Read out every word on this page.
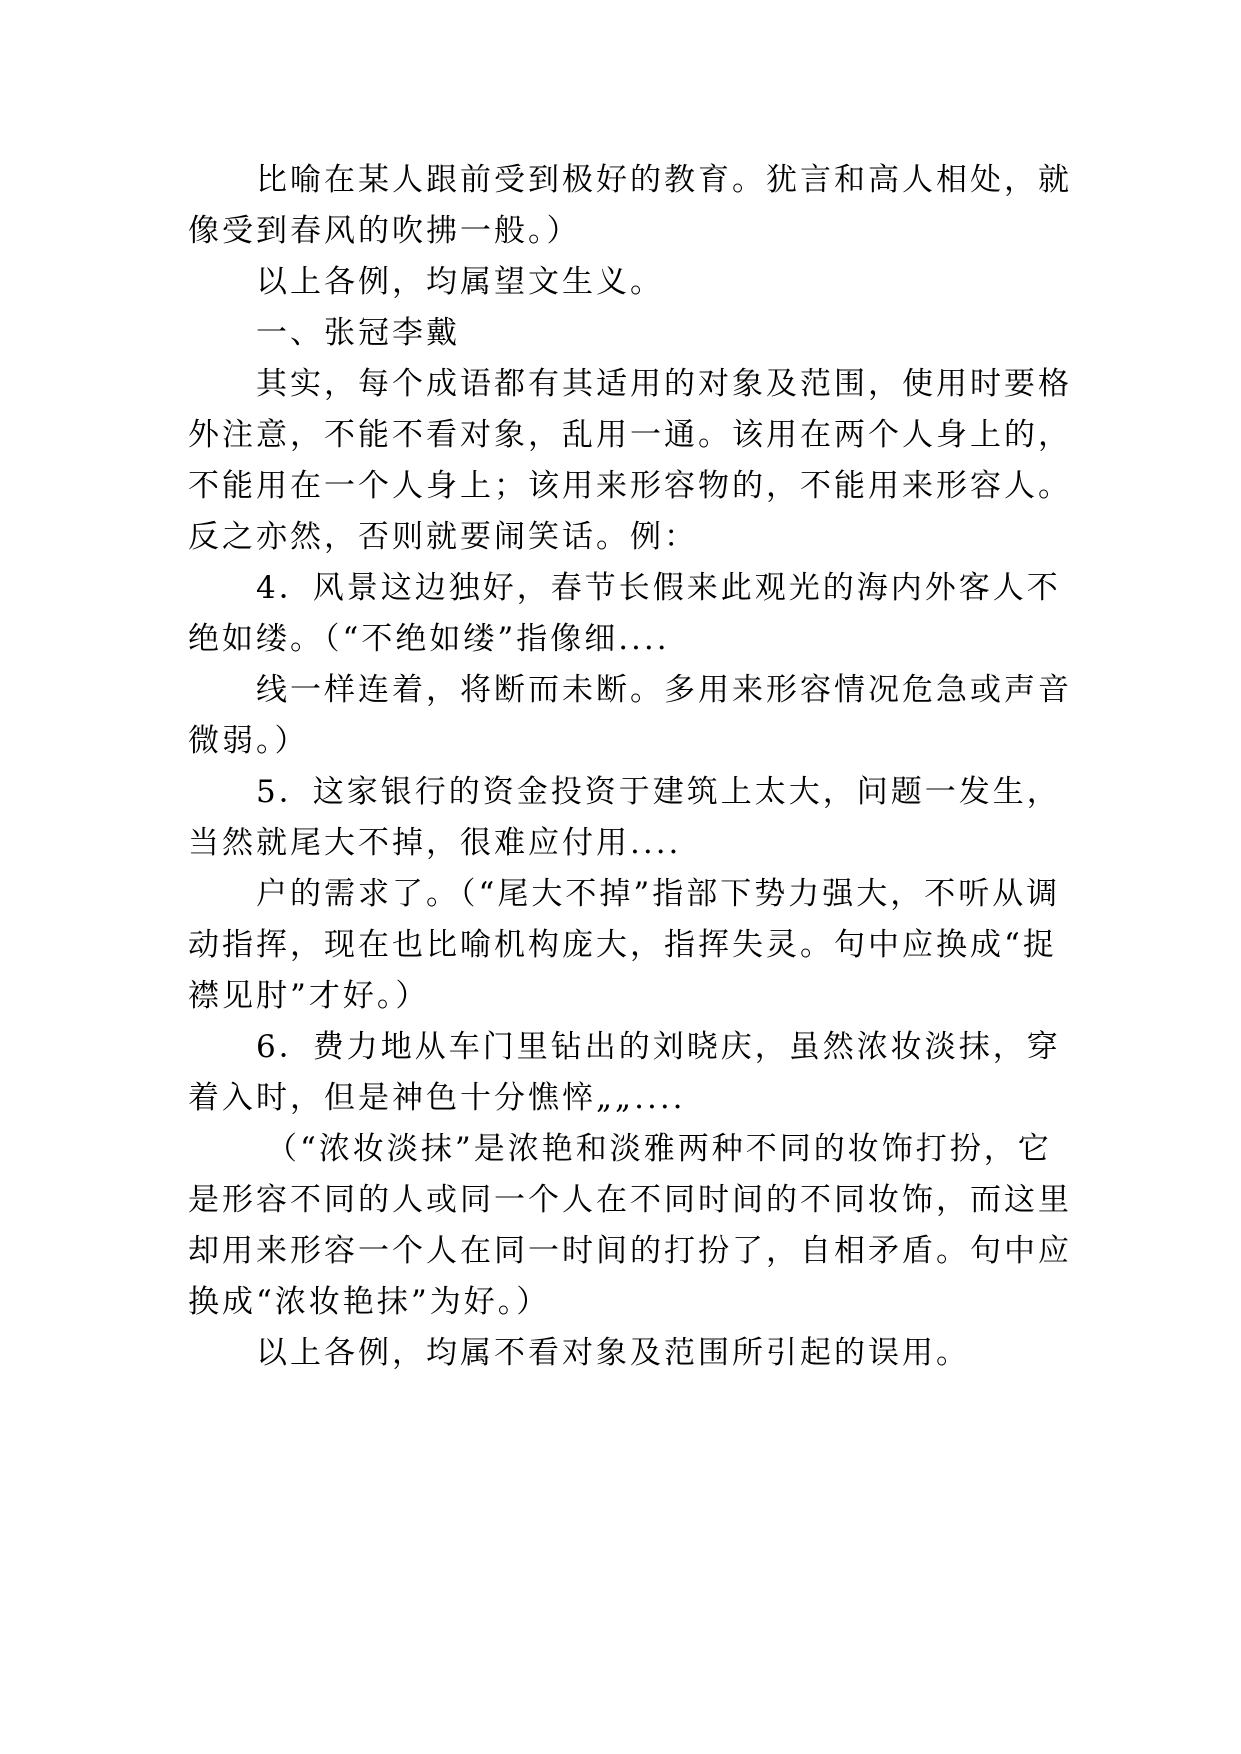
比喻在某人跟前受到极好的教育。犹言和高人相处，就
像受到春风的吹拂一般。）
以上各例，均属望文生义。
一、张冠李戴
其实，每个成语都有其适用的对象及范围，使用时要格
外注意，不能不看对象，乱用一通。该用在两个人身上的，
不能用在一个人身上；该用来形容物的，不能用来形容人。
反之亦然，否则就要闹笑话。例：
4．风景这边独好，春节长假来此观光的海内外客人不
绝如缕。（“不绝如缕”指像细....
线一样连着，将断而未断。多用来形容情况危急或声音
微弱。）
5．这家银行的资金投资于建筑上太大，问题一发生，
当然就尾大不掉，很难应付用....
户的需求了。（“尾大不掉”指部下势力强大，不听从调
动指挥，现在也比喻机构庞大，指挥失灵。句中应换成“捉
襟见肘”才好。）
6．费力地从车门里钻出的刘晓庆，虽然浓妆淡抹，穿
着入时，但是神色十分憔悴„„....
（“浓妆淡抹”是浓艳和淡雅两种不同的妆饰打扮，它
是形容不同的人或同一个人在不同时间的不同妆饰，而这里
却用来形容一个人在同一时间的打扮了，自相矛盾。句中应
换成“浓妆艳抹”为好。）
以上各例，均属不看对象及范围所引起的误用。
